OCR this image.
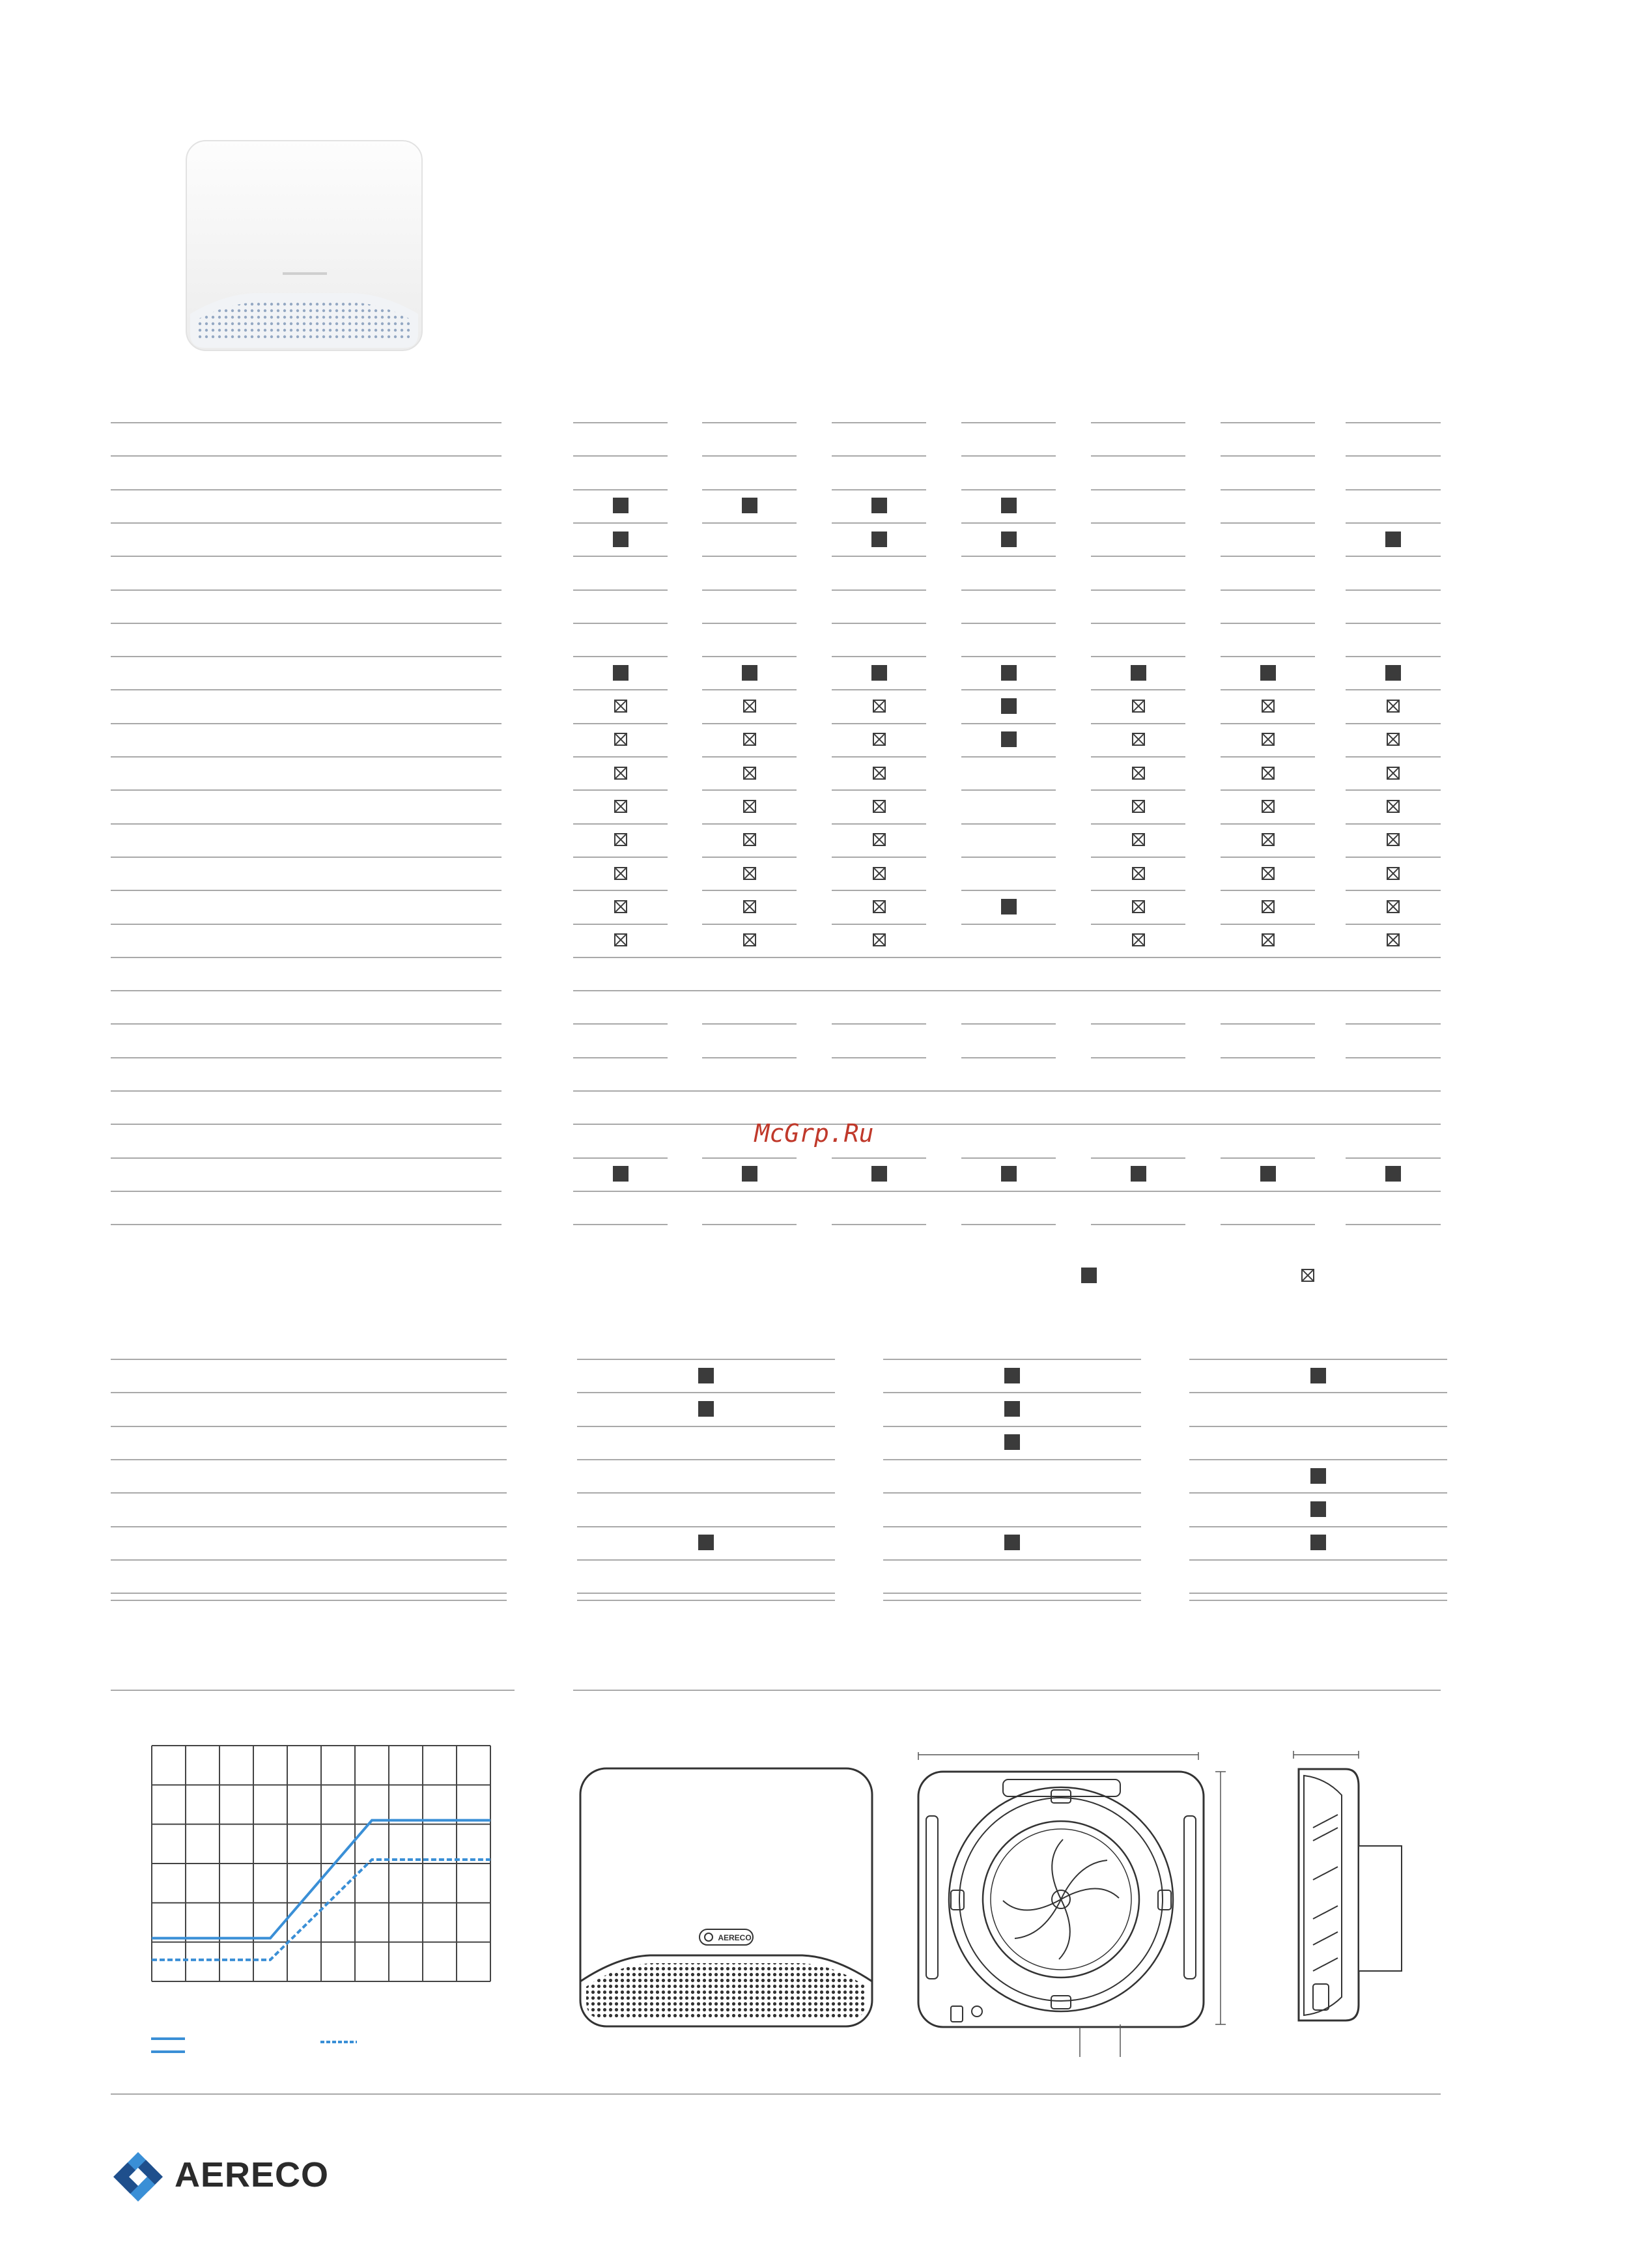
McGrp.Ru
AERECO
AERECO
